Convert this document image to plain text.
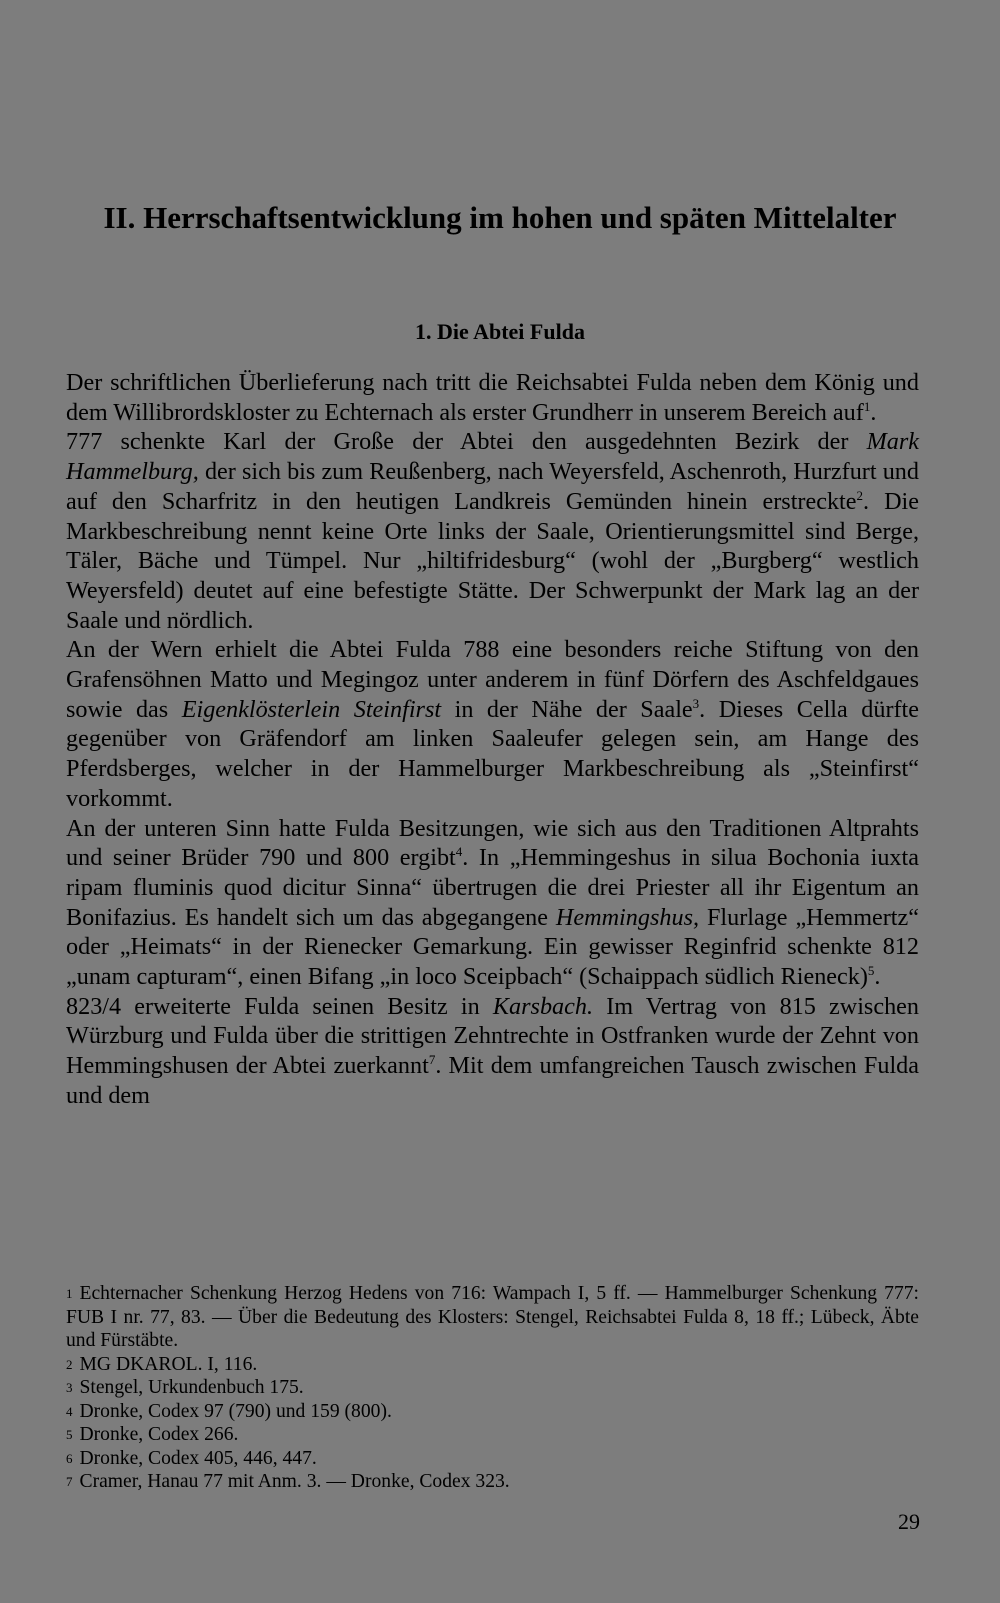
II. Herrschaftsentwicklung im hohen und späten Mittelalter
1. Die Abtei Fulda

Der schriftlichen Überlieferung nach tritt die Reichsabtei Fulda neben dem König und dem Willibrordskloster zu Echternach als erster Grundherr in unserem Bereich auf$^1$.

777 schenkte Karl der Große der Abtei den ausgedehnten Bezirk der Mark Hammelburg, der sich bis zum Reußenberg, nach Weyersfeld, Aschenroth, Hurzfurt und auf den Scharfritz in den heutigen Landkreis Gemünden hinein erstreckte$^2$. Die Markbeschreibung nennt keine Orte links der Saale, Orientierungsmittel sind Berge, Täler, Bäche und Tümpel. Nur „hiltifridesburg“ (wohl der „Burgberg“ westlich Weyersfeld) deutet auf eine befestigte Stätte. Der Schwerpunkt der Mark lag an der Saale und nördlich.

An der Wern erhielt die Abtei Fulda 788 eine besonders reiche Stiftung von den Grafensöhnen Matto und Megingoz unter anderem in fünf Dörfern des Aschfeldgaues sowie das Eigenklösterlein Steinfirst in der Nähe der Saale$^3$. Dieses Cella dürfte gegenüber von Gräfendorf am linken Saaleufer gelegen sein, am Hange des Pferdsberges, welcher in der Hammelburger Markbeschreibung als „Steinfirst“ vorkommt.

An der unteren Sinn hatte Fulda Besitzungen, wie sich aus den Traditionen Altprahts und seiner Brüder 790 und 800 ergibt$^4$. In „Hemmingeshus in silua Bochonia iuxta ripam fluminis quod dicitur Sinna“ übertrugen die drei Priester all ihr Eigentum an Bonifazius. Es handelt sich um das abgegangene Hemmingshus, Flurlage „Hemmertz“ oder „Heimats“ in der Rienecker Gemarkung. Ein gewisser Reginfrid schenkte 812 „unam capturam“, einen Bifang „in loco Sceipbach“ (Schaippach südlich Rieneck)$^5$.

823/4 erweiterte Fulda seinen Besitz in Karsbach. Im Vertrag von 815 zwischen Würzburg und Fulda über die strittigen Zehntrechte in Ostfranken wurde der Zehnt von Hemmingshusen der Abtei zuerkannt$^7$. Mit dem umfangreichen Tausch zwischen Fulda und dem

$^1$ Echternacher Schenkung Herzog Hedens von 716: Wampach I, 5 ff. — Hammelburger Schenkung 777: FUB I nr. 77, 83. — Über die Bedeutung des Klosters: Stengel, Reichsabtei Fulda 8, 18 ff.; Lübeck, Äbte und Fürstäbte.
$^2$ MG DKAROL. I, 116.
$^3$ Stengel, Urkundenbuch 175.
$^4$ Dronke, Codex 97 (790) und 159 (800).
$^5$ Dronke, Codex 266.
$^6$ Dronke, Codex 405, 446, 447.
$^7$ Cramer, Hanau 77 mit Anm. 3. — Dronke, Codex 323.
29
